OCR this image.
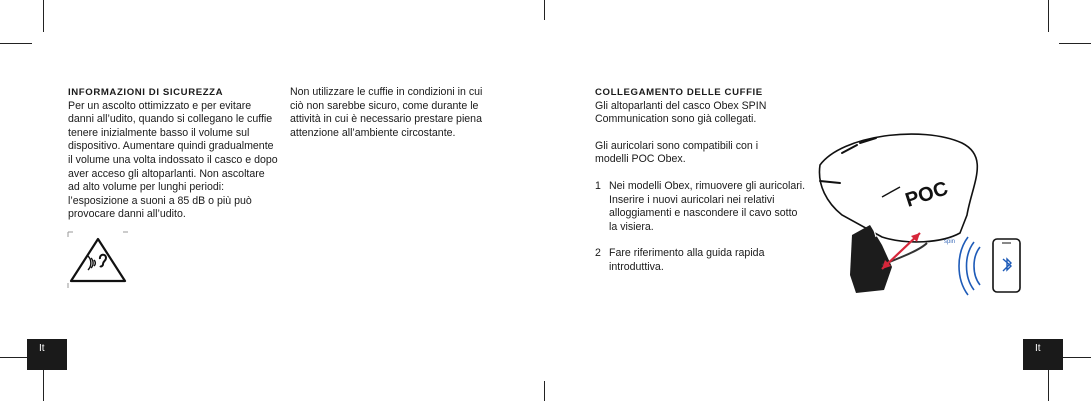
INFORMAZIONI DI SICUREZZA

Per un ascolto ottimizzato e per evitare
danni all’udito, quando si collegano le cuffie
tenere inizialmente basso il volume sul
dispositivo. Aumentare quindi gradualmente
il volume una volta indossato il casco e dopo
aver acceso gli altoparlanti. Non ascoltare
ad alto volume per lunghi periodi:
l’esposizione a suoni a 85 dB o più può
provocare danni all’udito.

Non utilizzare le cuffie in condizioni in cui
ciò non sarebbe sicuro, come durante le
attività in cui è necessario prestare piena
attenzione all’ambiente circostante.

It
COLLEGAMENTO DELLE CUFFIE

Gli altoparlanti del casco Obex SPIN
Communication sono già collegati.

Gli auricolari sono compatibili con i
modelli POC Obex.

1 Nei modelli Obex, rimuovere gli auricolari.
Inserire i nuovi auricolari nei relativi
alloggiamenti e nascondere il cavo sotto
la visiera.
2 Fare riferimento alla guida rapida
introduttiva.
POC
spin
It
